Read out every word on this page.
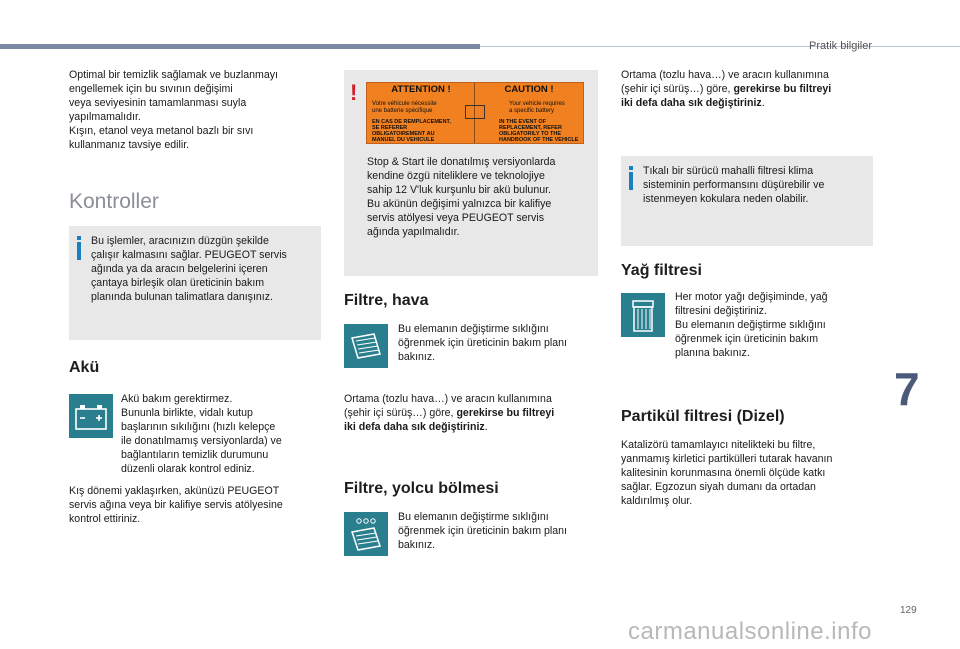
Pratik bilgiler

Optimal bir temizlik sağlamak ve buzlanmayı
engellemek için bu sıvının değişimi
veya seviyesinin tamamlanması suyla
yapılmamalıdır.
Kışın, etanol veya metanol bazlı bir sıvı
kullanmanız tavsiye edilir.

Kontroller
Bu işlemler, aracınızın düzgün şekilde
çalışır kalmasını sağlar. PEUGEOT servis
ağında ya da aracın belgelerini içeren
çantaya birleşik olan üreticinin bakım
planında bulunan talimatlara danışınız.
Akü

Akü bakım gerektirmez.
Bununla birlikte, vidalı kutup
başlarının sıkılığını (hızlı kelepçe
ile donatılmamış versiyonlarda) ve
bağlantıların temizlik durumunu
düzenli olarak kontrol ediniz.

Kış dönemi yaklaşırken, akünüzü PEUGEOT
servis ağına veya bir kalifiye servis atölyesine
kontrol ettiriniz.

!	ATTENTION !	CAUTION !
Votre véhicule nécessite
une batterie spécifique
Your vehicle requires
a specific battery
EN CAS DE REMPLACEMENT,
SE REFERER
OBLIGATOIREMENT AU
MANUEL DU VEHICULE
IN THE EVENT OF
REPLACEMENT, REFER
OBLIGATORILY TO THE
HANDBOOK OF THE VEHICLE

Stop & Start ile donatılmış versiyonlarda
kendine özgü niteliklere ve teknolojiye
sahip 12 V'luk kurşunlu bir akü bulunur.
Bu akünün değişimi yalnızca bir kalifiye
servis atölyesi veya PEUGEOT servis
ağında yapılmalıdır.

Filtre, hava

Bu elemanın değiştirme sıklığını
öğrenmek için üreticinin bakım planı
bakınız.

Ortama (tozlu hava…) ve aracın kullanımına
(şehir içi sürüş…) göre, gerekirse bu filtreyi
iki defa daha sık değiştiriniz.

Filtre, yolcu bölmesi

Bu elemanın değiştirme sıklığını
öğrenmek için üreticinin bakım planı
bakınız.

Ortama (tozlu hava…) ve aracın kullanımına
(şehir içi sürüş…) göre, gerekirse bu filtreyi
iki defa daha sık değiştiriniz.

Tıkalı bir sürücü mahalli filtresi klima
sisteminin performansını düşürebilir ve
istenmeyen kokulara neden olabilir.
Yağ filtresi

Her motor yağı değişiminde, yağ
filtresini değiştiriniz.
Bu elemanın değiştirme sıklığını
öğrenmek için üreticinin bakım
planına bakınız.

Partikül filtresi (Dizel)

Katalizörü tamamlayıcı nitelikteki bu filtre,
yanmamış kirletici partikülleri tutarak havanın
kalitesinin korunmasına önemli ölçüde katkı
sağlar. Egzozun siyah dumanı da ortadan
kaldırılmış olur.

7
129
carmanualsonline.info
